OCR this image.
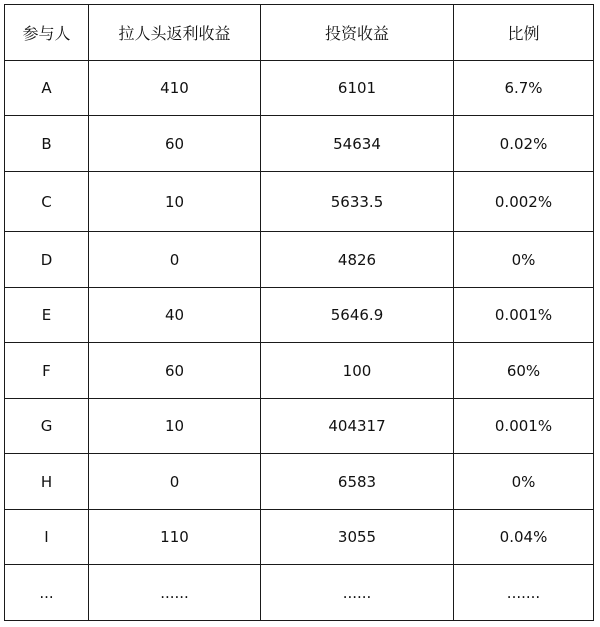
参与人	拉人头返利收益	投资收益	比例
A	410	6101	6.7%
B	60	54634	0.02%
C	10	5633.5	0.002%
D	0	4826	0%
E	40	5646.9	0.001%
F	60	100	60%
G	10	404317	0.001%
H	0	6583	0%
I	110	3055	0.04%
...	......	......	.......
